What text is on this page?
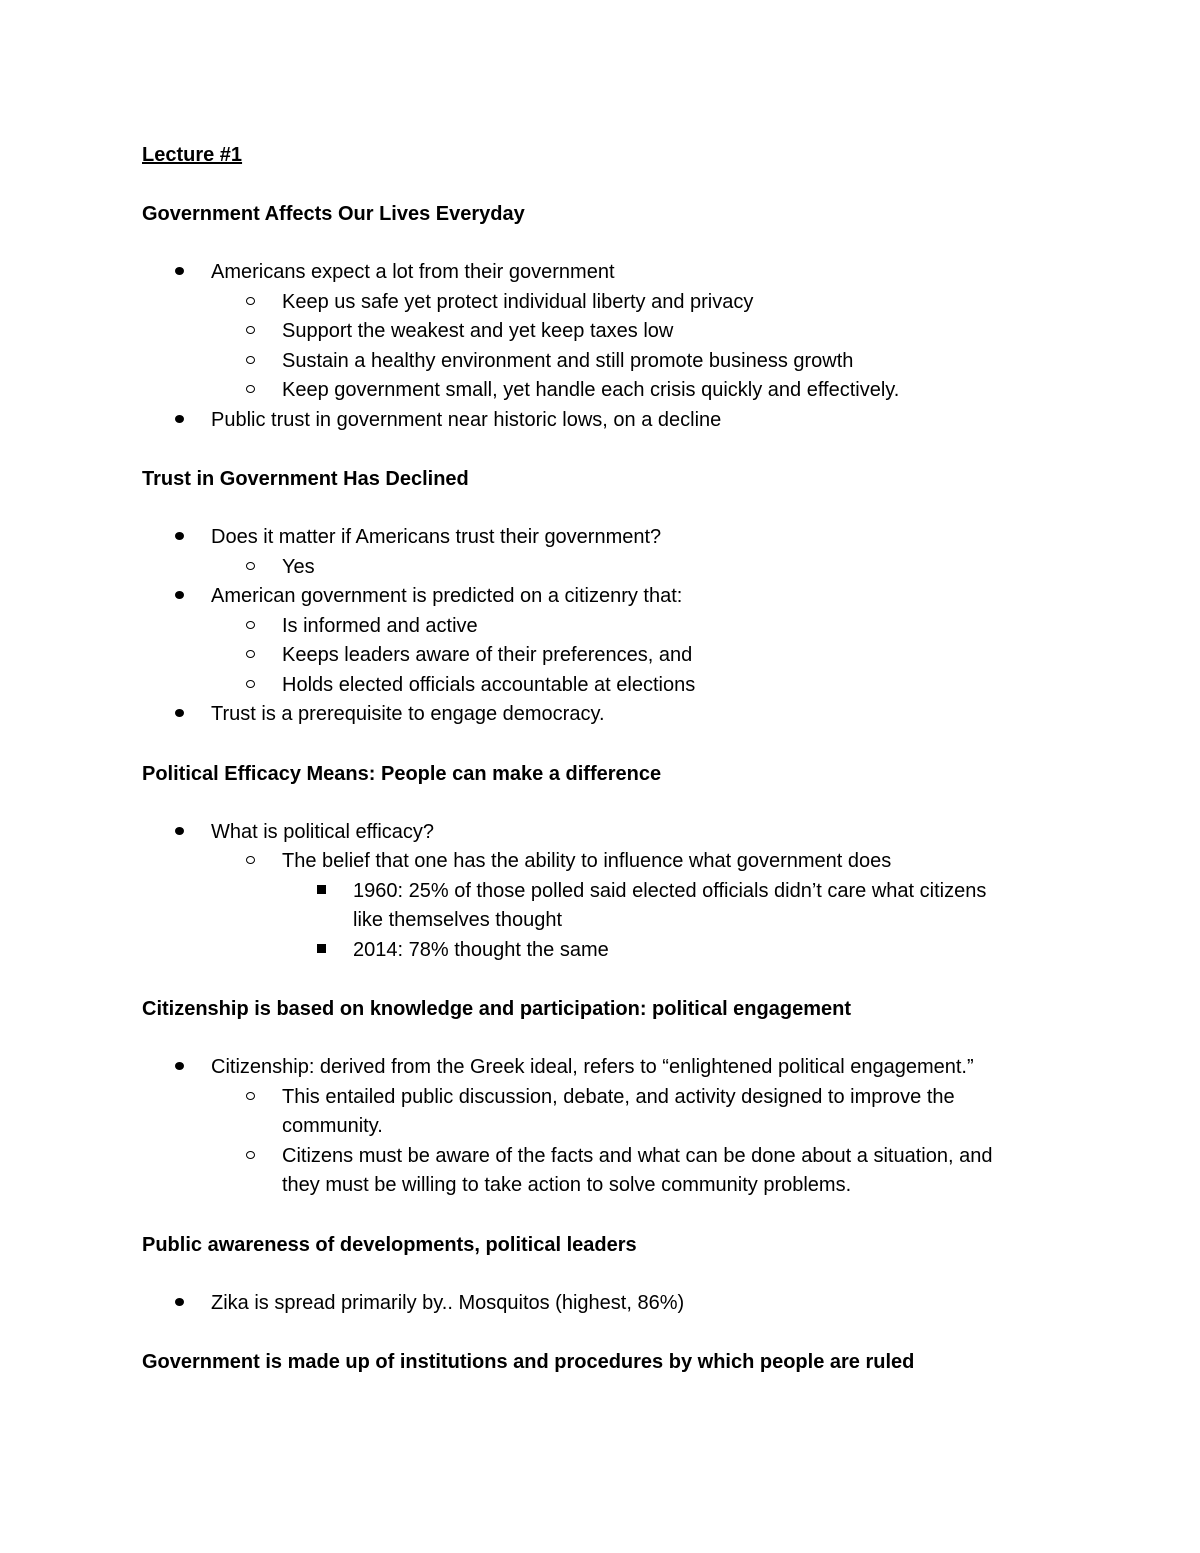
Lecture #1
Government Affects Our Lives Everyday
Americans expect a lot from their government
Keep us safe yet protect individual liberty and privacy
Support the weakest and yet keep taxes low
Sustain a healthy environment and still promote business growth
Keep government small, yet handle each crisis quickly and effectively.
Public trust in government near historic lows, on a decline
Trust in Government Has Declined
Does it matter if Americans trust their government?
Yes
American government is predicted on a citizenry that:
Is informed and active
Keeps leaders aware of their preferences, and
Holds elected officials accountable at elections
Trust is a prerequisite to engage democracy.
Political Efficacy Means: People can make a difference
What is political efficacy?
The belief that one has the ability to influence what government does
1960: 25% of those polled said elected officials didn’t care what citizens
like themselves thought
2014: 78% thought the same
Citizenship is based on knowledge and participation: political engagement
Citizenship: derived from the Greek ideal, refers to “enlightened political engagement.”
This entailed public discussion, debate, and activity designed to improve the
community.
Citizens must be aware of the facts and what can be done about a situation, and
they must be willing to take action to solve community problems.
Public awareness of developments, political leaders
Zika is spread primarily by.. Mosquitos (highest, 86%)
Government is made up of institutions and procedures by which people are ruled
